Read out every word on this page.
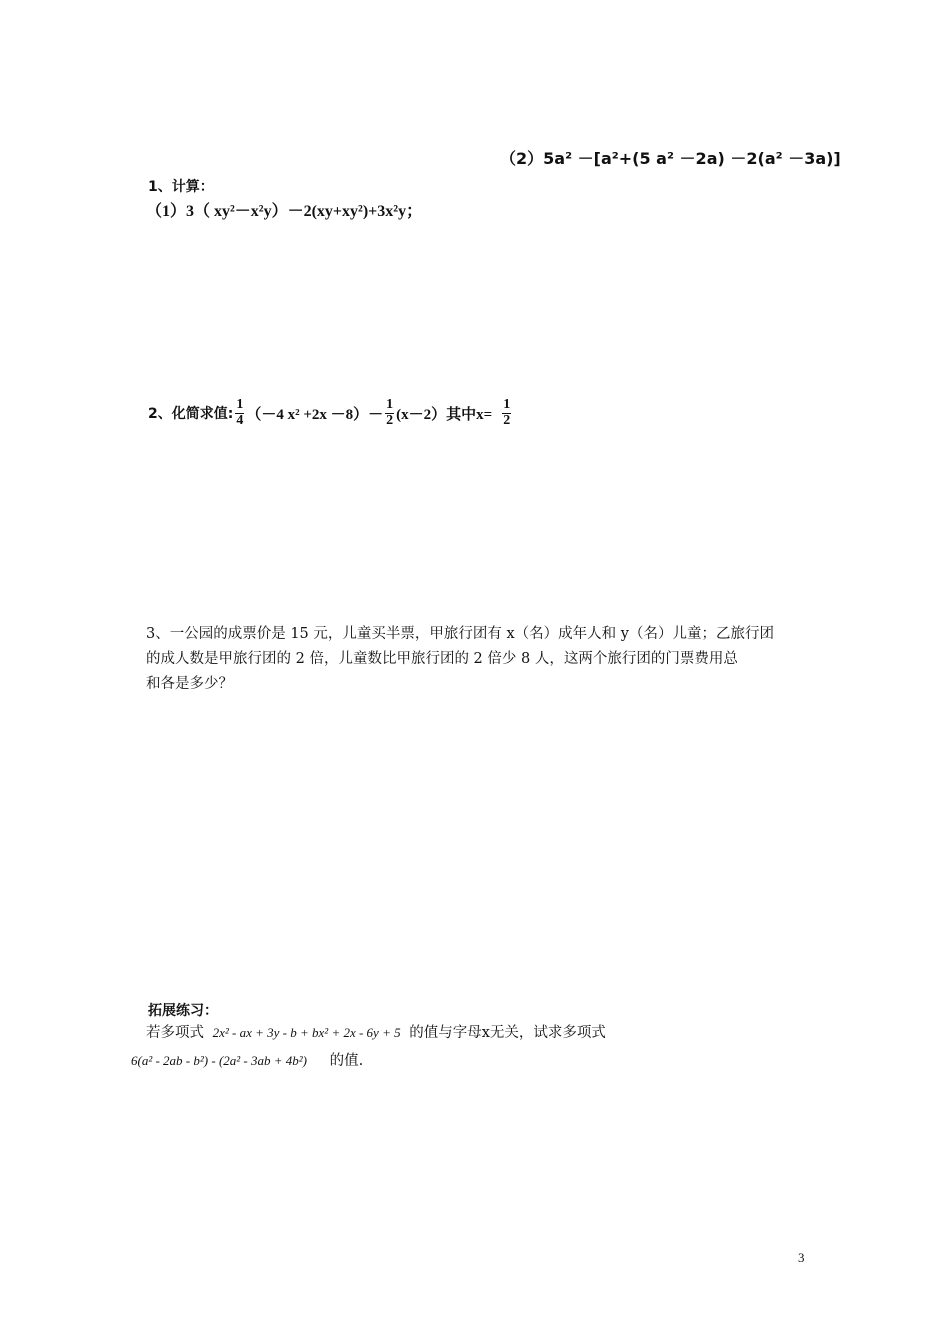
（2）5a² －[a²+(5 a² －2a) －2(a² －3a)]
1、计算：
（1）3（ xy²－x²y）－2(xy+xy²)+3x²y；
2、化简求值: $\frac{1}{4} (-4$ $x^2 +2x -8)- \frac{1}{2} (x-2)$其中$x= \frac{1}{2}$
3、一公园的成票价是 15 元，儿童买半票，甲旅行团有 x（名）成年人和 y（名）儿童；乙旅行团
的成人数是甲旅行团的 2 倍，儿童数比甲旅行团的 2 倍少 8 人，这两个旅行团的门票费用总
和各是多少？
拓展练习：
若多项式 2x² - ax + 3y - b + bx² + 2x - 6y + 5 的值与字母x无关，试求多项式
6(a² - 2ab - b²) - (2a² - 3ab + 4b²) 的值.
3
